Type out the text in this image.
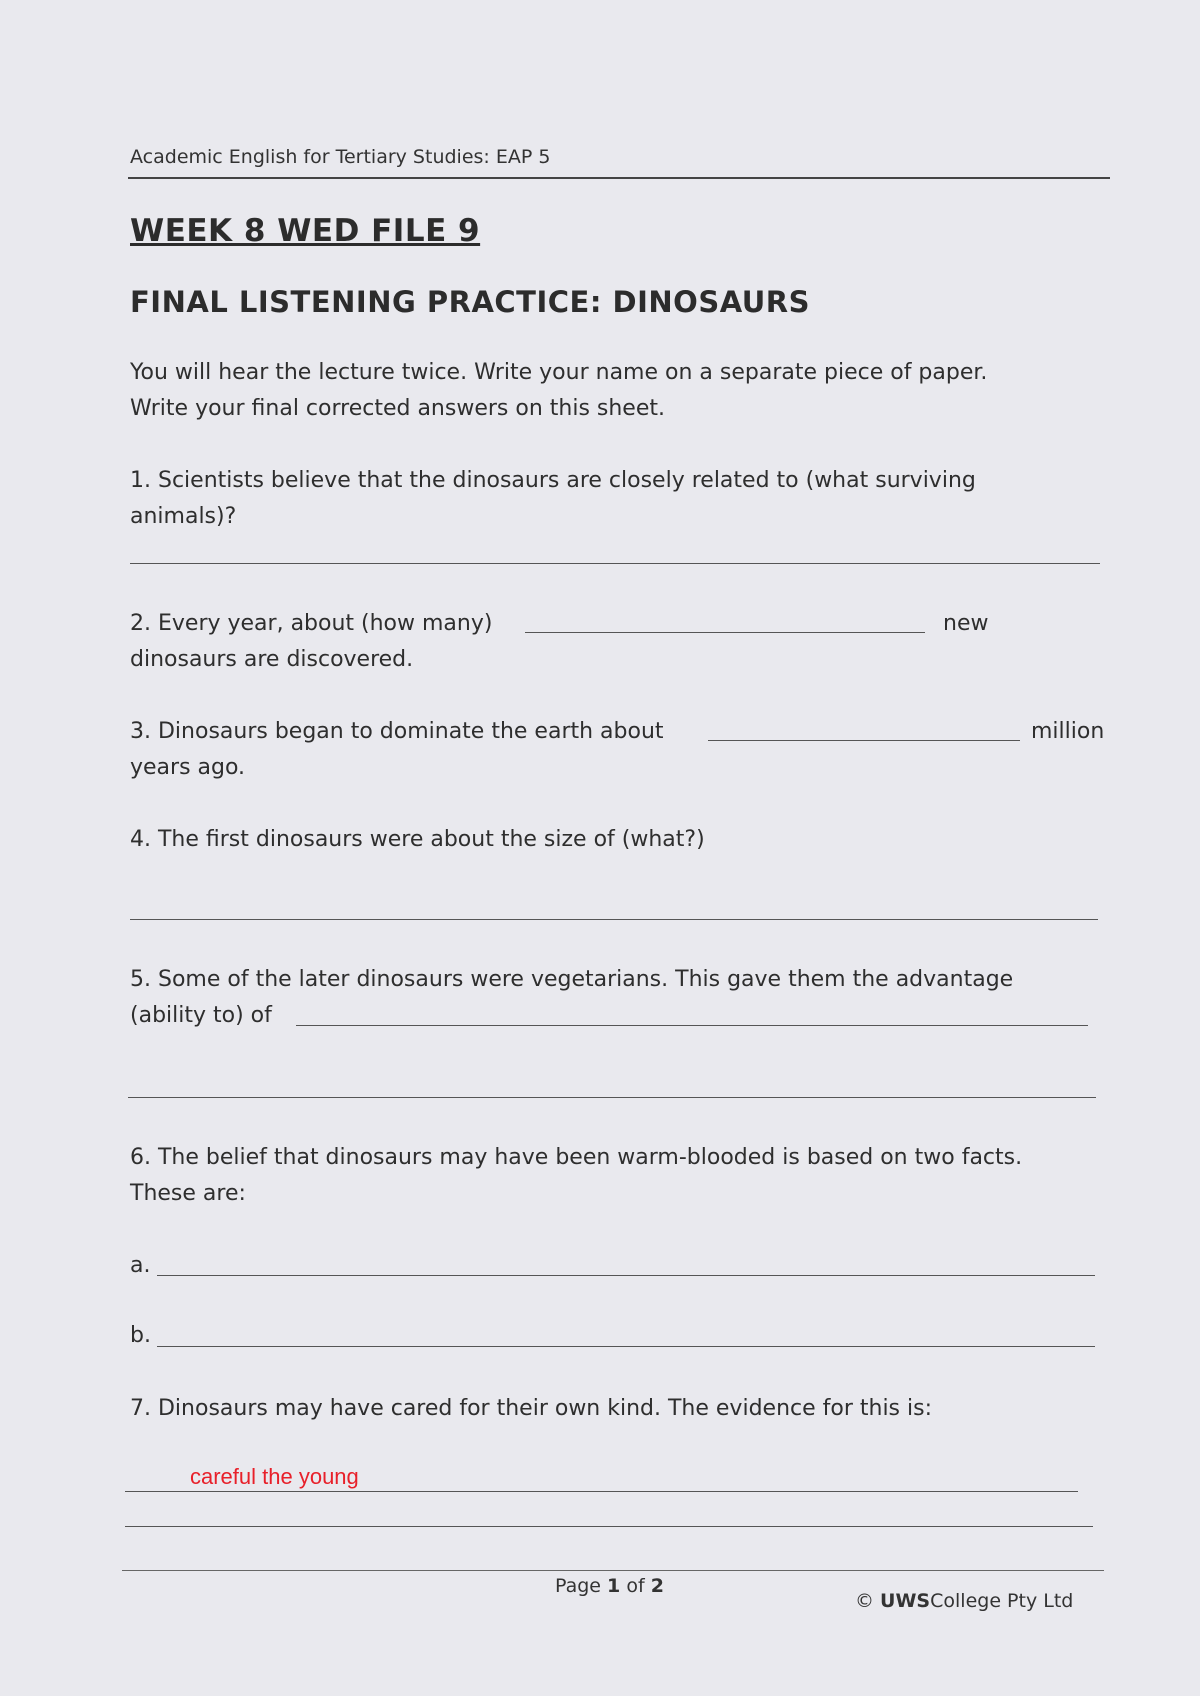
Academic English for Tertiary Studies: EAP 5
WEEK 8 WED FILE 9
FINAL LISTENING PRACTICE: DINOSAURS
You will hear the lecture twice. Write your name on a separate piece of paper.
Write your final corrected answers on this sheet.
1. Scientists believe that the dinosaurs are closely related to (what surviving
animals)?
2. Every year, about (how many)
dinosaurs are discovered.
new
3. Dinosaurs began to dominate the earth about
years ago.
million
4. The first dinosaurs were about the size of (what?)
5. Some of the later dinosaurs were vegetarians. This gave them the advantage
(ability to) of
6. The belief that dinosaurs may have been warm-blooded is based on two facts.
These are:
a.
b.
7. Dinosaurs may have cared for their own kind. The evidence for this is:
careful the young
Page 1 of 2
© UWSCollege Pty Ltd
